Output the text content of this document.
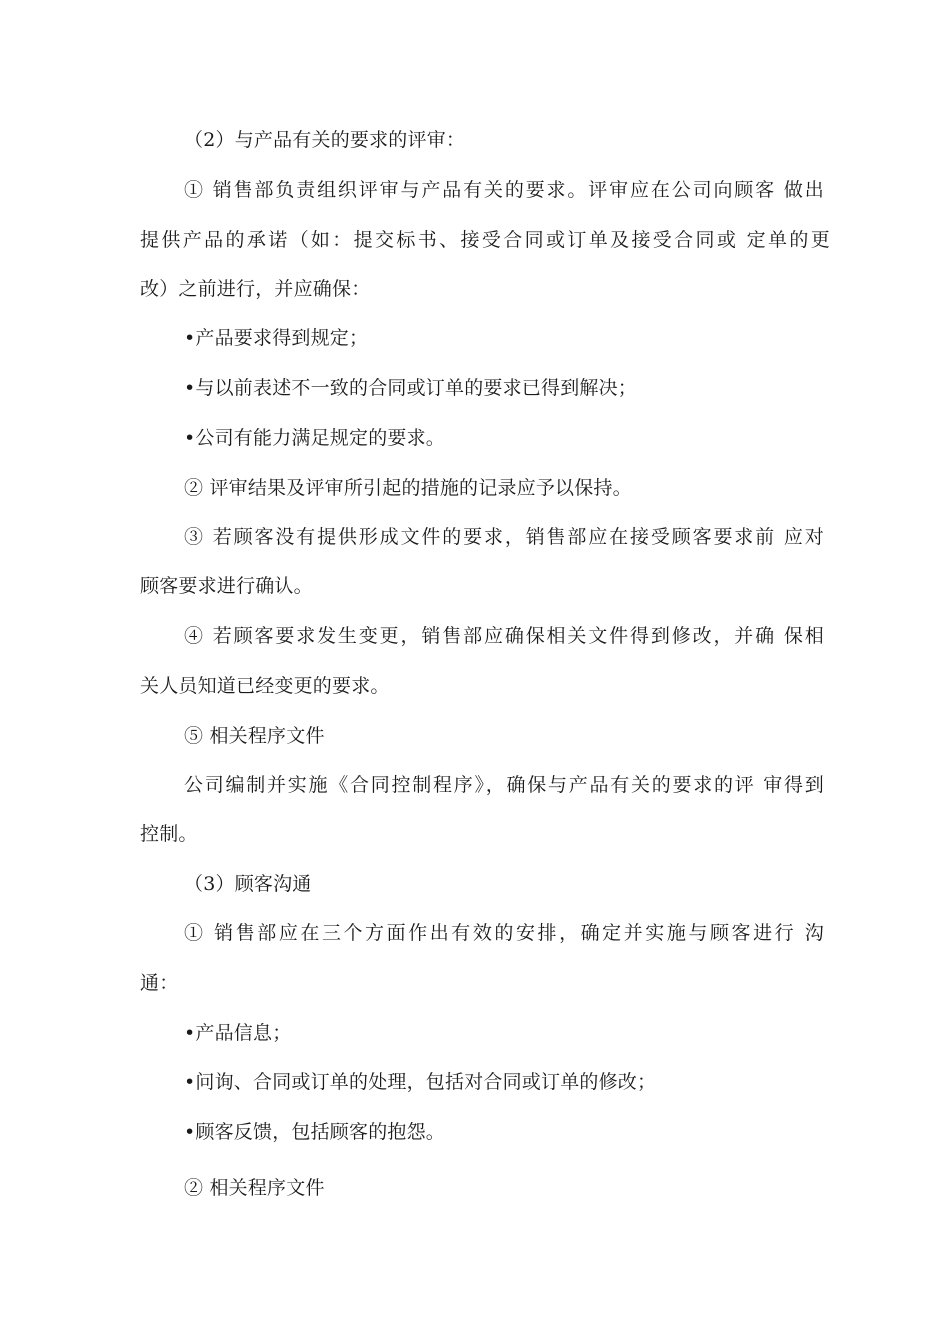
（2）与产品有关的要求的评审：
① 销售部负责组织评审与产品有关的要求。评审应在公司向顾客 做出
提供产品的承诺（如：提交标书、接受合同或订单及接受合同或 定单的更
改）之前进行，并应确保：
•产品要求得到规定；
•与以前表述不一致的合同或订单的要求已得到解决；
•公司有能力满足规定的要求。
② 评审结果及评审所引起的措施的记录应予以保持。
③ 若顾客没有提供形成文件的要求，销售部应在接受顾客要求前 应对
顾客要求进行确认。
④ 若顾客要求发生变更，销售部应确保相关文件得到修改，并确 保相
关人员知道已经变更的要求。
⑤ 相关程序文件
公司编制并实施《合同控制程序》，确保与产品有关的要求的评 审得到
控制。
（3）顾客沟通
① 销售部应在三个方面作出有效的安排，确定并实施与顾客进行 沟
通：
•产品信息；
•问询、合同或订单的处理，包括对合同或订单的修改；
•顾客反馈，包括顾客的抱怨。
② 相关程序文件
